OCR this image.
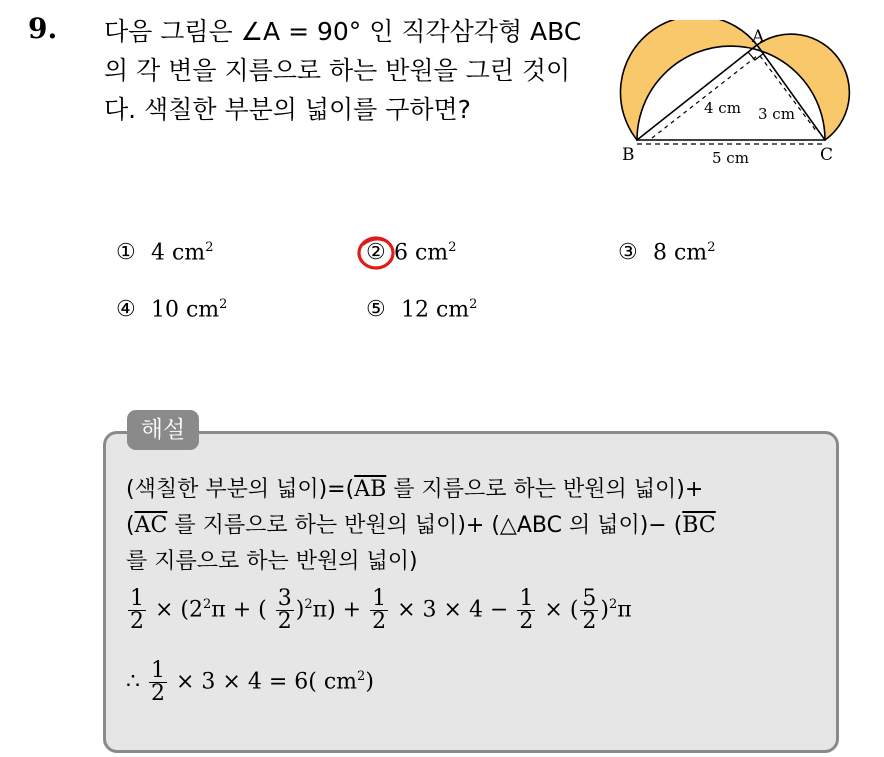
9. 다음 그림은 ∠A = 90° 인 직각삼각형 ABC
의 각 변을 지름으로 하는 반원을 그린 것이
다. 색칠한 부분의 넓이를 구하면?
A
B	C
4 cm 3 cm
5 cm
① 4 $cm^2$	② 6 $cm^2$	③ 8 $cm^2$
④ 10 $cm^2$	⑤ 12 $cm^2$
해설
(색칠한 부분의 넓이)$=(\overline{AB}$ 를 지름으로 하는 반원의 넓이)+
($\overline{AC}$ 를 지름으로 하는 반원의 넓이)+ (△ABC 의 넓이)− ($\overline{BC}$
를 지름으로 하는 반원의 넓이)
$\frac{1}{2} \times (2^2\pi$ + ( $\frac{3}{2} )^2\pi) + \frac{1}{2} \times 3 \times 4 - \frac{1}{2}$ × ( $\frac{5}{2} )^2\pi$
∴ $\frac{1}{2} \times 3 \times 4 = 6$( $cm^2$)
